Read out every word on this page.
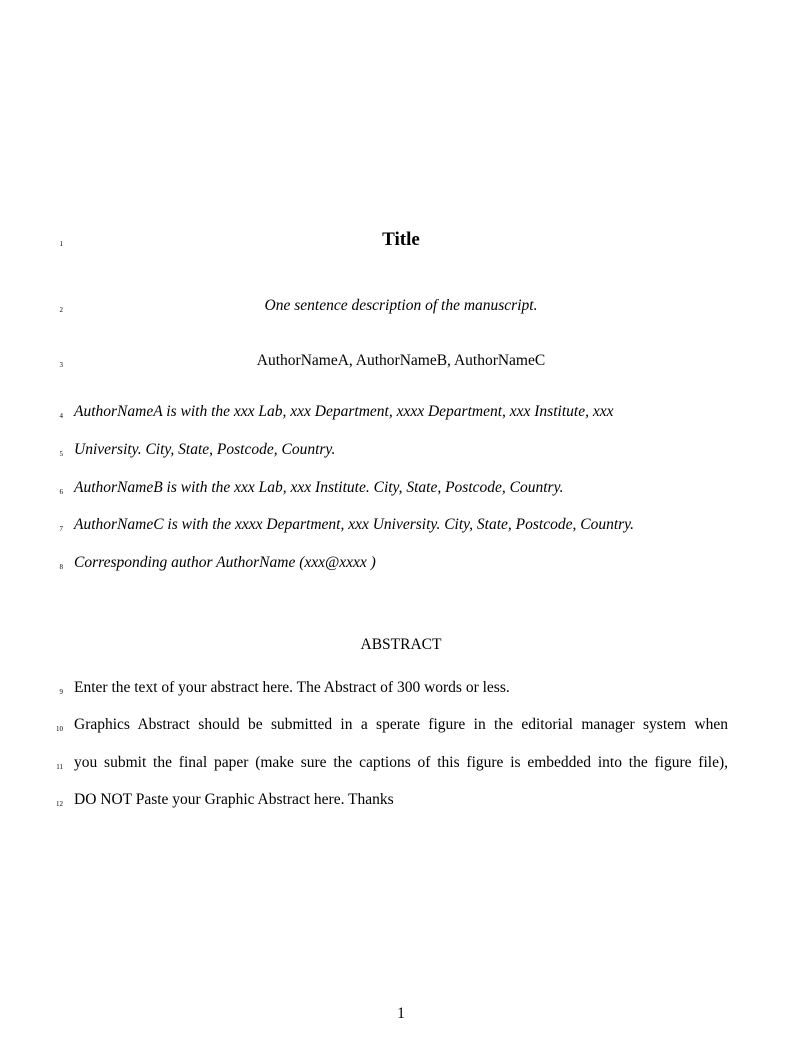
1	Title
2	One sentence description of the manuscript.
3	AuthorNameA, AuthorNameB, AuthorNameC
4 AuthorNameA is with the xxx Lab, xxx Department, xxxx Department, xxx Institute, xxx
5 University. City, State, Postcode, Country.
6 AuthorNameB is with the xxx Lab, xxx Institute. City, State, Postcode, Country.
7 AuthorNameC is with the xxxx Department, xxx University. City, State, Postcode, Country.
8 Corresponding author AuthorName (xxx@xxxx )
ABSTRACT
9 Enter the text of your abstract here. The Abstract of 300 words or less.
10 Graphics Abstract should be submitted in a sperate figure in the editorial manager system when
11 you submit the final paper (make sure the captions of this figure is embedded into the figure file),
12 DO NOT Paste your Graphic Abstract here. Thanks
1
